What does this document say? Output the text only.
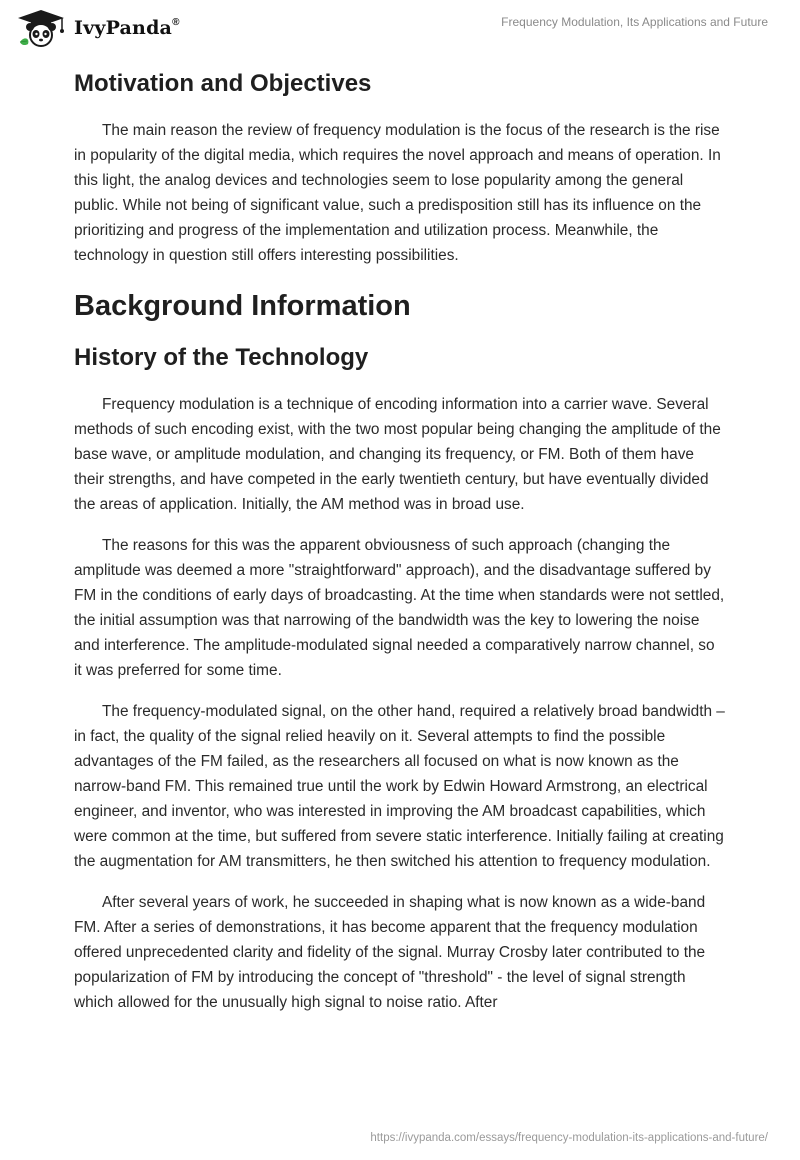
IvyPanda®	Frequency Modulation, Its Applications and Future
Motivation and Objectives

The main reason the review of frequency modulation is the focus of the research is the rise in popularity of the digital media, which requires the novel approach and means of operation. In this light, the analog devices and technologies seem to lose popularity among the general public. While not being of significant value, such a predisposition still has its influence on the prioritizing and progress of the implementation and utilization process. Meanwhile, the technology in question still offers interesting possibilities.

Background Information
History of the Technology

Frequency modulation is a technique of encoding information into a carrier wave. Several methods of such encoding exist, with the two most popular being changing the amplitude of the base wave, or amplitude modulation, and changing its frequency, or FM. Both of them have their strengths, and have competed in the early twentieth century, but have eventually divided the areas of application. Initially, the AM method was in broad use.

The reasons for this was the apparent obviousness of such approach (changing the amplitude was deemed a more "straightforward" approach), and the disadvantage suffered by FM in the conditions of early days of broadcasting. At the time when standards were not settled, the initial assumption was that narrowing of the bandwidth was the key to lowering the noise and interference. The amplitude-modulated signal needed a comparatively narrow channel, so it was preferred for some time.

The frequency-modulated signal, on the other hand, required a relatively broad bandwidth – in fact, the quality of the signal relied heavily on it. Several attempts to find the possible advantages of the FM failed, as the researchers all focused on what is now known as the narrow-band FM. This remained true until the work by Edwin Howard Armstrong, an electrical engineer, and inventor, who was interested in improving the AM broadcast capabilities, which were common at the time, but suffered from severe static interference. Initially failing at creating the augmentation for AM transmitters, he then switched his attention to frequency modulation.

After several years of work, he succeeded in shaping what is now known as a wide-band FM. After a series of demonstrations, it has become apparent that the frequency modulation offered unprecedented clarity and fidelity of the signal. Murray Crosby later contributed to the popularization of FM by introducing the concept of "threshold" - the level of signal strength which allowed for the unusually high signal to noise ratio. After

https://ivypanda.com/essays/frequency-modulation-its-applications-and-future/
